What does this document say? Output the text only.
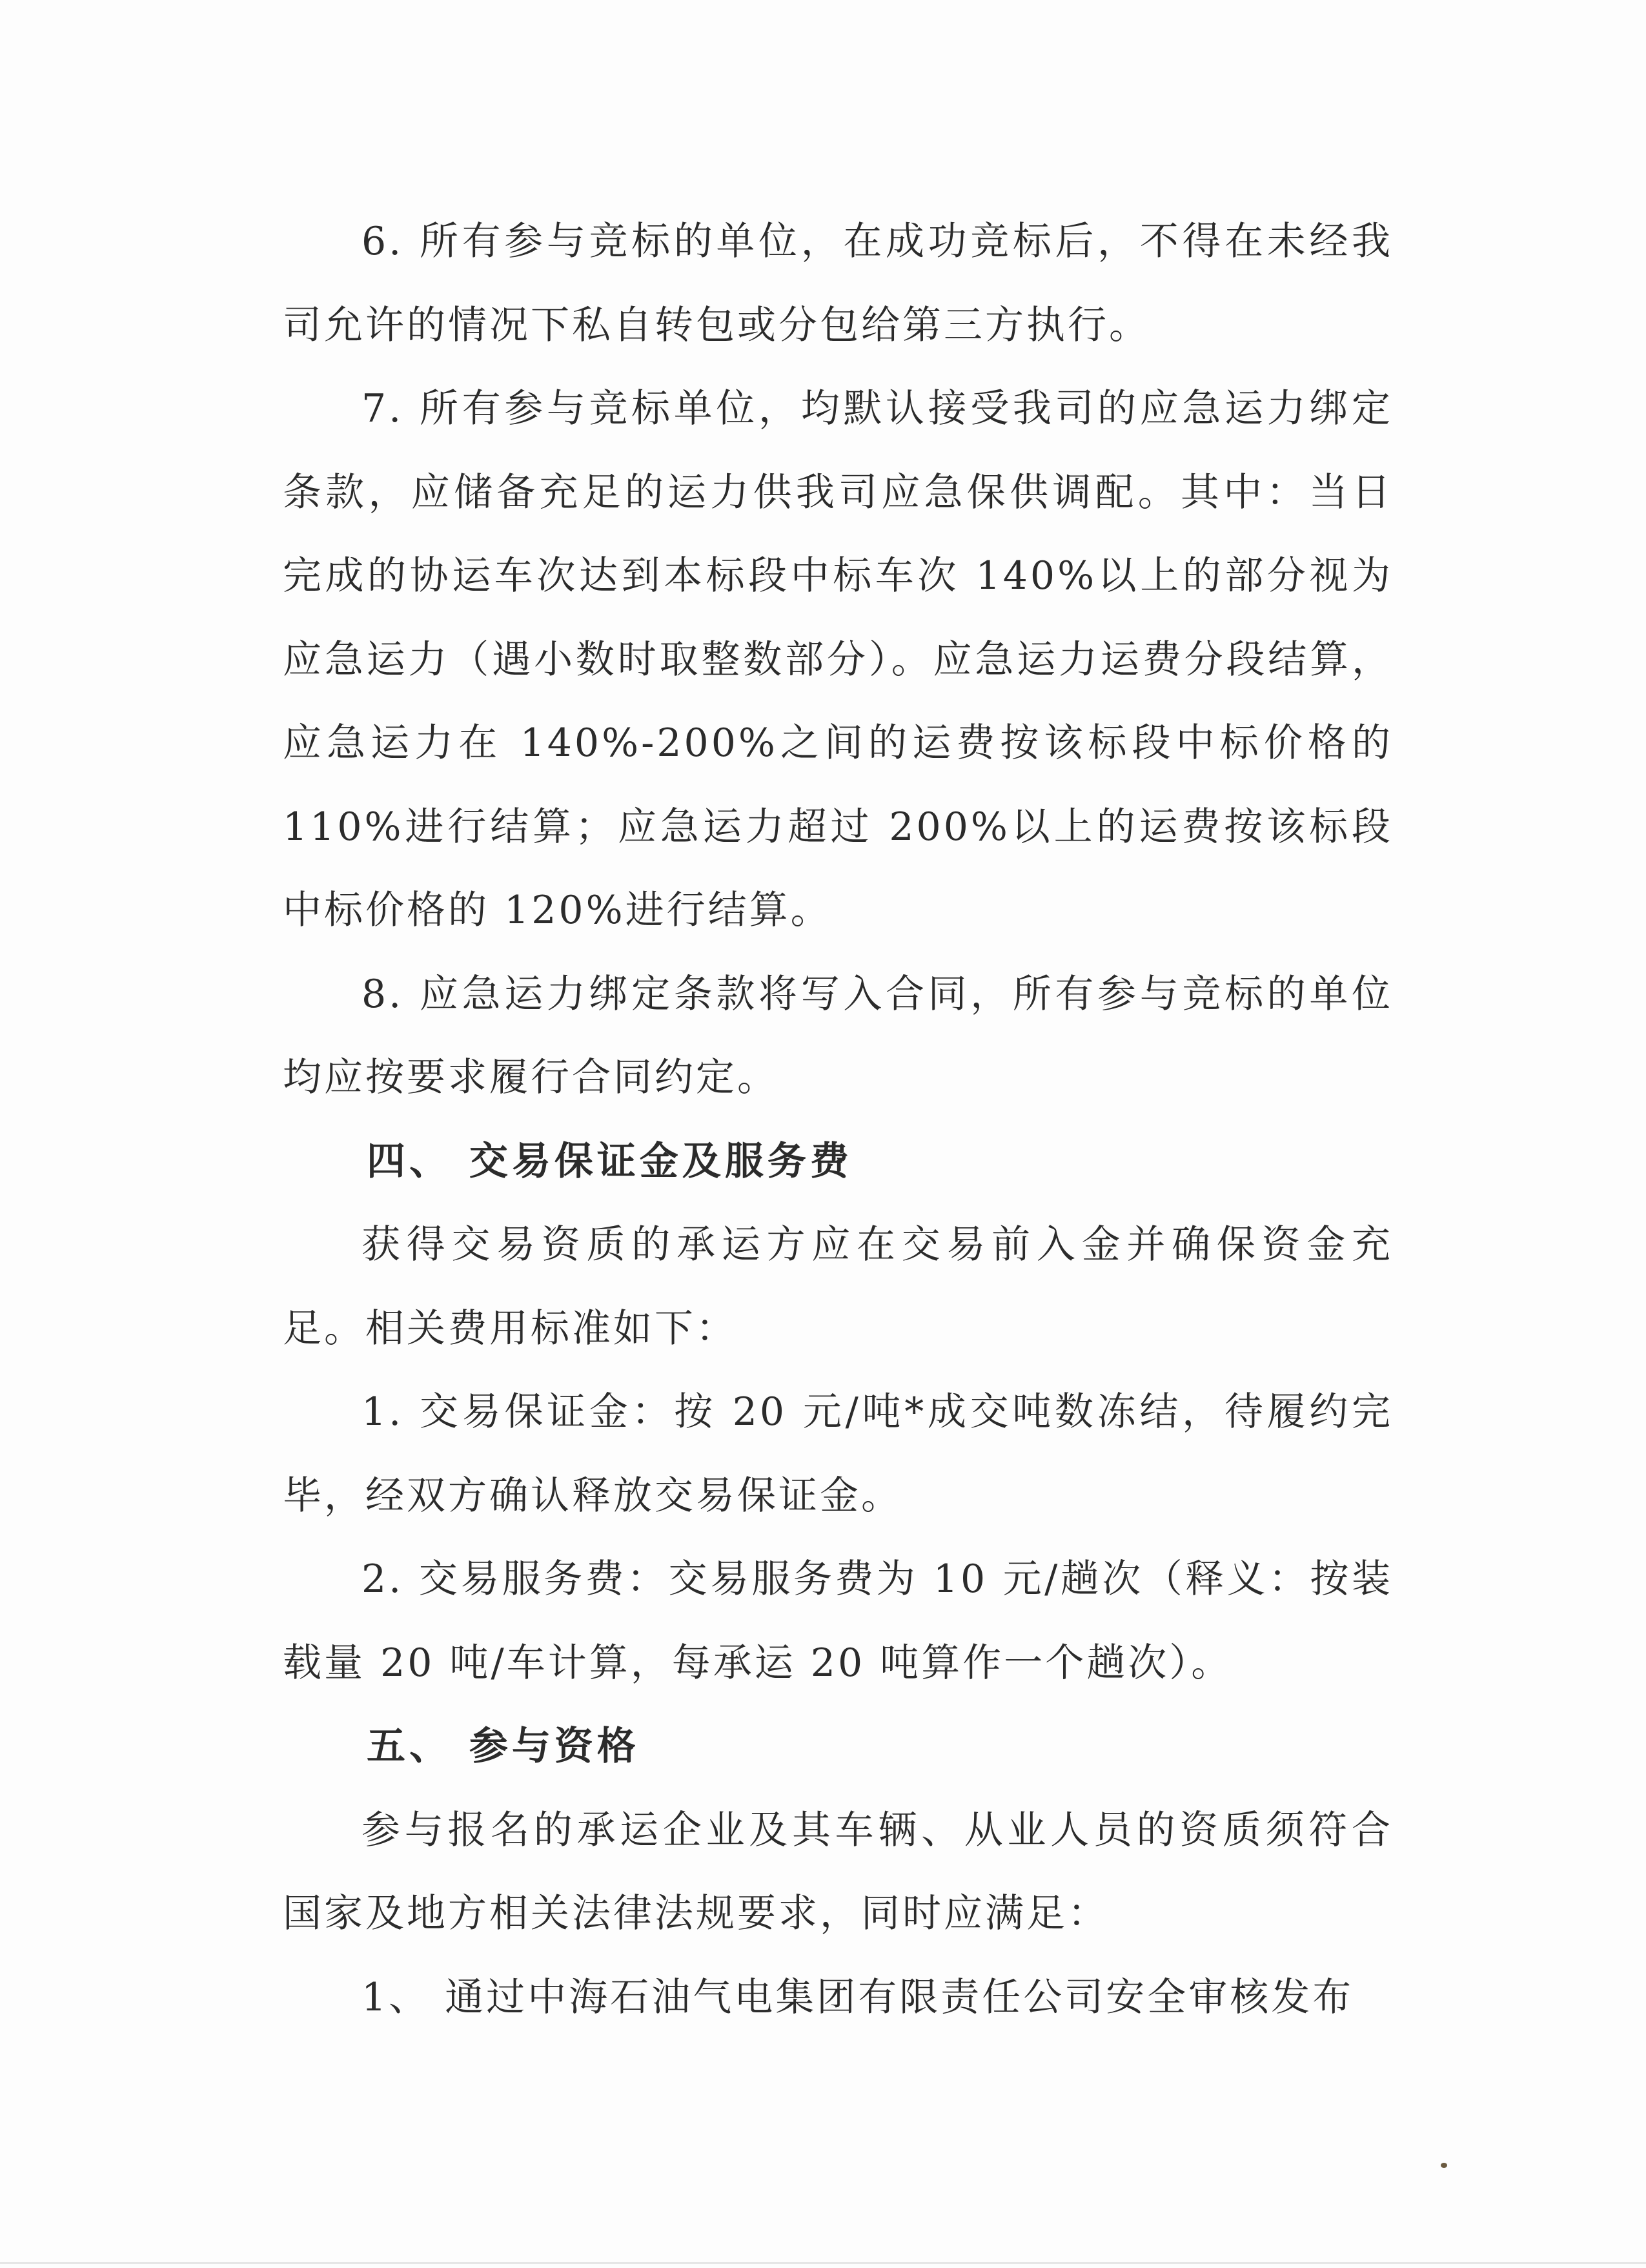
6. 所有参与竞标的单位，在成功竞标后，不得在未经我司允许的情况下私自转包或分包给第三方执行。

7. 所有参与竞标单位，均默认接受我司的应急运力绑定条款，应储备充足的运力供我司应急保供调配。其中：当日完成的协运车次达到本标段中标车次 140%以上的部分视为应急运力（遇小数时取整数部分）。应急运力运费分段结算，应急运力在 140%-200%之间的运费按该标段中标价格的 110%进行结算；应急运力超过 200%以上的运费按该标段中标价格的 120%进行结算。

8. 应急运力绑定条款将写入合同，所有参与竞标的单位均应按要求履行合同约定。

四、 交易保证金及服务费

获得交易资质的承运方应在交易前入金并确保资金充足。相关费用标准如下：

1. 交易保证金：按 20 元/吨*成交吨数冻结，待履约完毕，经双方确认释放交易保证金。

2. 交易服务费：交易服务费为 10 元/趟次（释义：按装载量 20 吨/车计算，每承运 20 吨算作一个趟次）。

五、 参与资格

参与报名的承运企业及其车辆、从业人员的资质须符合国家及地方相关法律法规要求，同时应满足：

1、 通过中海石油气电集团有限责任公司安全审核发布
